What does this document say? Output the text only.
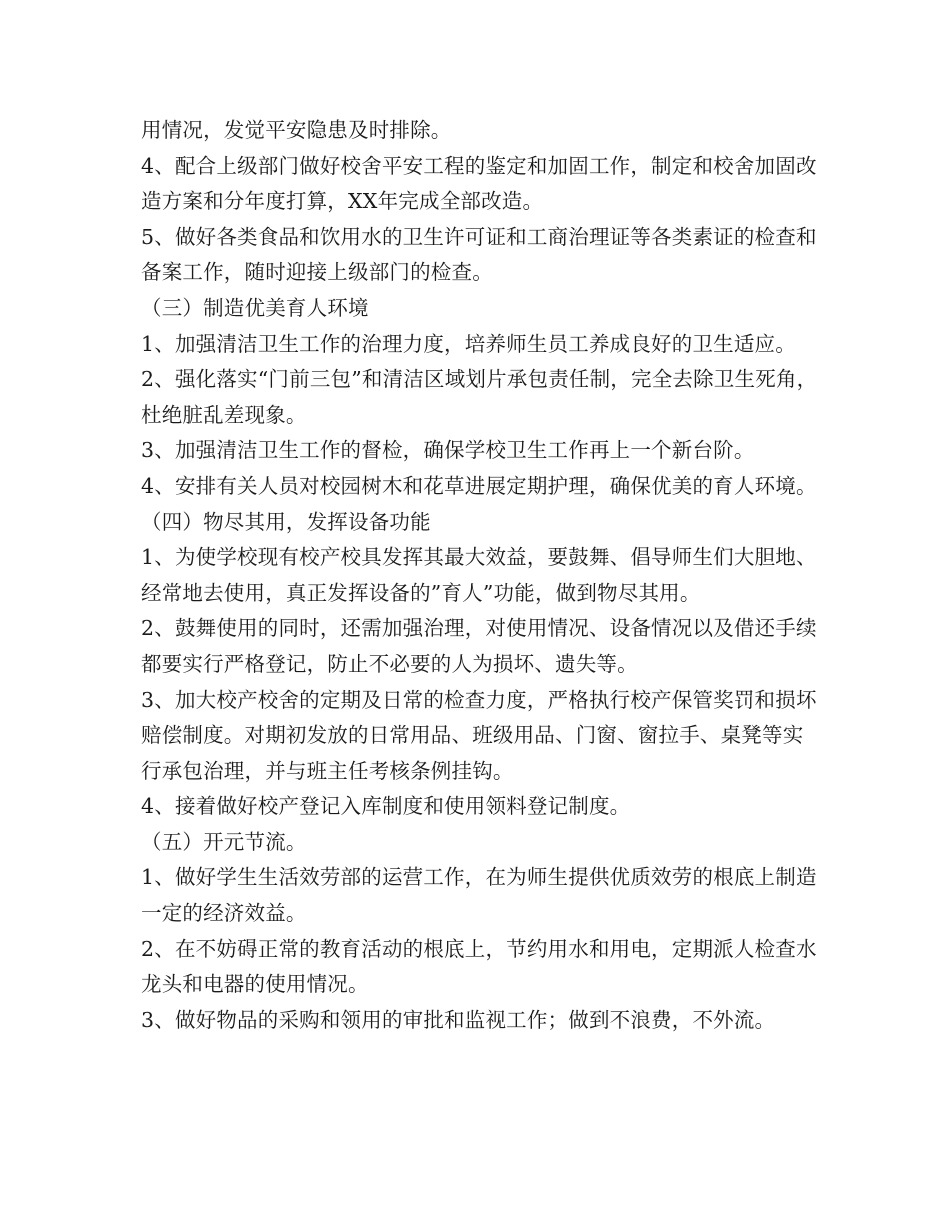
用情况，发觉平安隐患及时排除。

4、配合上级部门做好校舍平安工程的鉴定和加固工作，制定和校舍加固改造方案和分年度打算，XX年完成全部改造。

5、做好各类食品和饮用水的卫生许可证和工商治理证等各类素证的检查和备案工作，随时迎接上级部门的检查。

（三）制造优美育人环境

1、加强清洁卫生工作的治理力度，培养师生员工养成良好的卫生适应。

2、强化落实“门前三包”和清洁区域划片承包责任制，完全去除卫生死角，杜绝脏乱差现象。

3、加强清洁卫生工作的督检，确保学校卫生工作再上一个新台阶。

4、安排有关人员对校园树木和花草进展定期护理，确保优美的育人环境。

（四）物尽其用，发挥设备功能

1、为使学校现有校产校具发挥其最大效益，要鼓舞、倡导师生们大胆地、经常地去使用，真正发挥设备的”育人”功能，做到物尽其用。

2、鼓舞使用的同时，还需加强治理，对使用情况、设备情况以及借还手续都要实行严格登记，防止不必要的人为损坏、遗失等。

3、加大校产校舍的定期及日常的检查力度，严格执行校产保管奖罚和损坏赔偿制度。对期初发放的日常用品、班级用品、门窗、窗拉手、桌凳等实行承包治理，并与班主任考核条例挂钩。

4、接着做好校产登记入库制度和使用领料登记制度。

（五）开元节流。

1、做好学生生活效劳部的运营工作，在为师生提供优质效劳的根底上制造一定的经济效益。

2、在不妨碍正常的教育活动的根底上，节约用水和用电，定期派人检查水龙头和电器的使用情况。

3、做好物品的采购和领用的审批和监视工作；做到不浪费，不外流。
